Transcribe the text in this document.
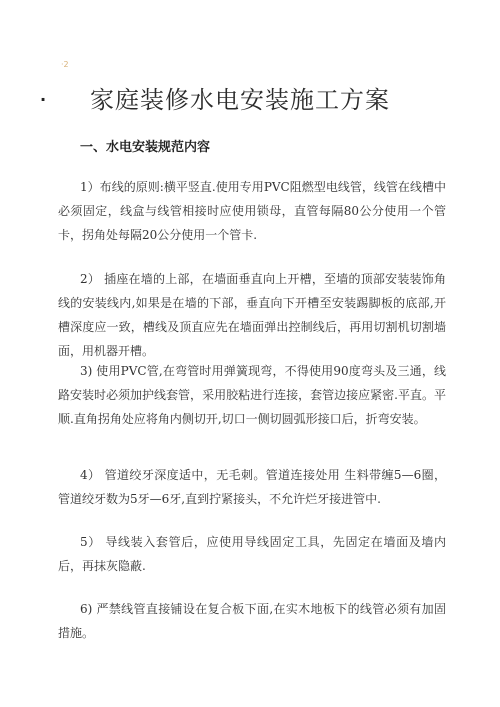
·2
· 家庭装修水电安装施工方案
一、水电安装规范内容

1）布线的原则:横平竖直.使用专用PVC阻燃型电线管，线管在线槽中必须固定，线盒与线管相接时应使用锁母，直管每隔80公分使用一个管卡，拐角处每隔20公分使用一个管卡.

2） 插座在墙的上部，在墙面垂直向上开槽，至墙的顶部安装装饰角线的安装线内,如果是在墙的下部，垂直向下开槽至安装踢脚板的底部,开槽深度应一致，槽线及顶直应先在墙面弹出控制线后，再用切割机切割墙面，用机器开槽。

3) 使用PVC管,在弯管时用弹簧现弯，不得使用90度弯头及三通，线路安装时必须加护线套管，采用胶粘进行连接，套管边接应紧密.平直。平顺.直角拐角处应将角内侧切开,切口一侧切圆弧形接口后，折弯安装。

4） 管道绞牙深度适中，无毛刺。管道连接处用 生料带缠5—6圈，管道绞牙数为5牙—6牙,直到拧紧接头，不允许烂牙接进管中.

5） 导线装入套管后，应使用导线固定工具，先固定在墙面及墙内后，再抹灰隐蔽.

6) 严禁线管直接铺设在复合板下面,在实木地板下的线管必须有加固措施。
